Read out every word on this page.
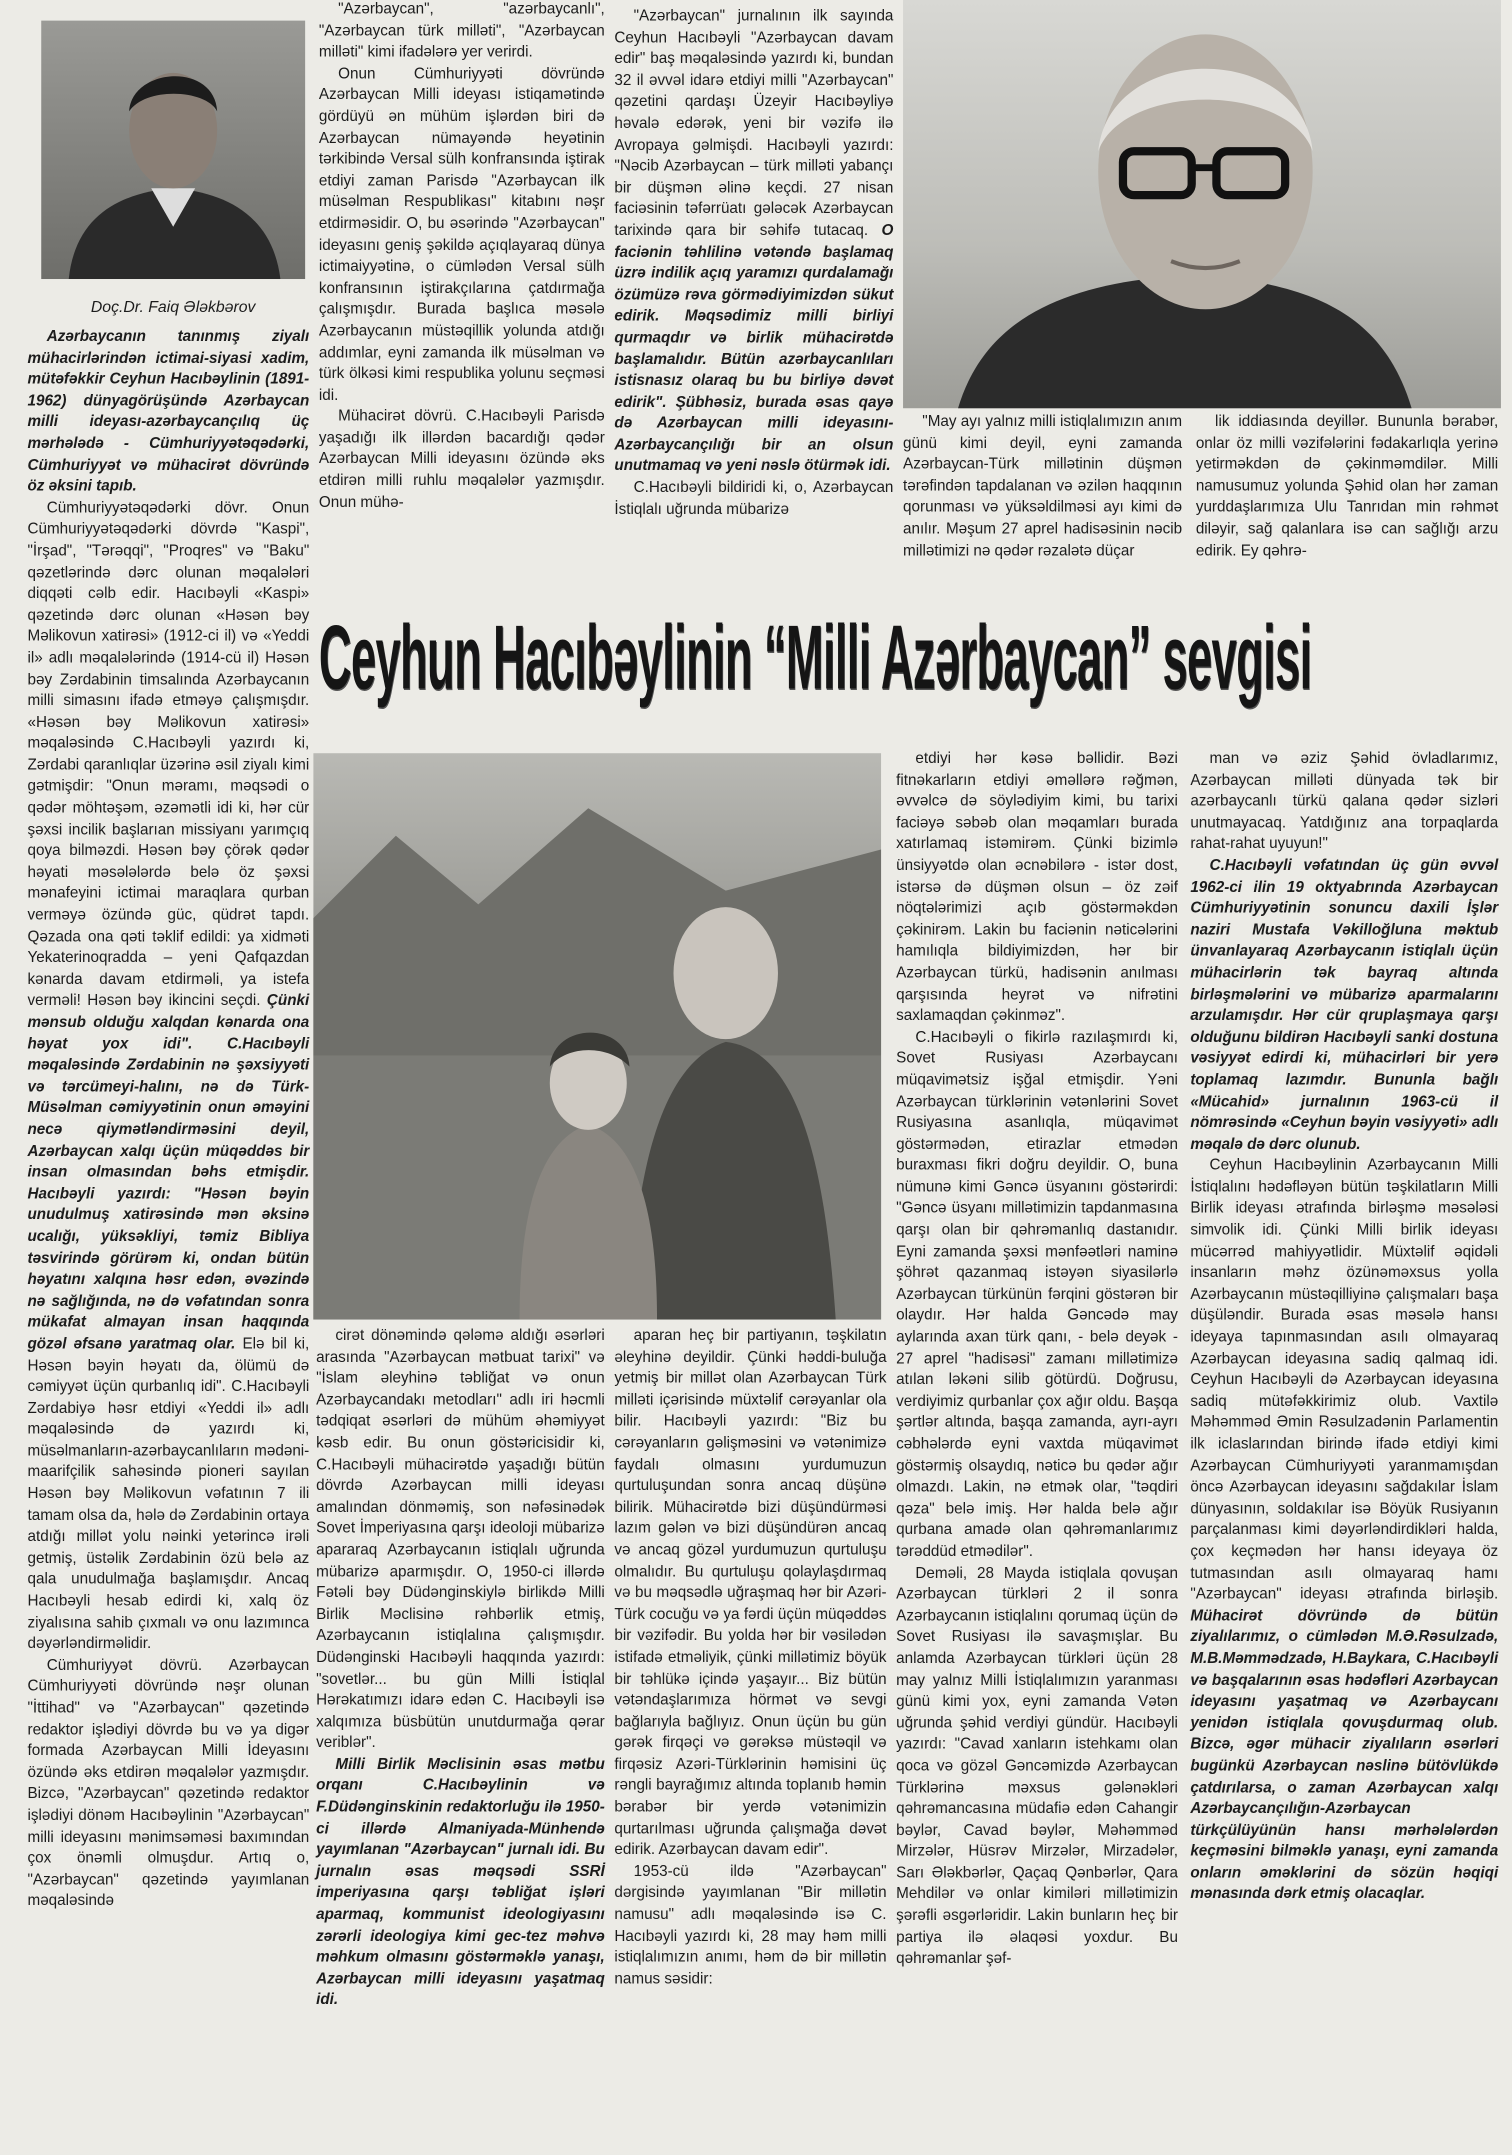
Doç.Dr. Faiq Ələkbərov
Ceyhun Hacıbəylinin “Milli Azərbaycan” sevgisi

Azərbaycanın tanınmış ziyalı mühacirlərindən ictimai-siyasi xadim, mütəfəkkir Ceyhun Hacıbəylinin (1891-1962) dünyagörüşündə Azərbaycan milli ideyası-azərbaycançılıq üç mərhələdə - Cümhuriyyətəqədərki, Cümhuriyyət və mühacirət dövründə öz əksini tapıb.

Cümhuriyyətəqədərki dövr. Onun Cümhuriyyətəqədərki dövrdə "Kaspi", "İrşad", "Tərəqqi", "Proqres" və "Baku" qəzetlərində dərc olunan məqalələri diqqəti cəlb edir. Hacıbəyli «Kaspi» qəzetində dərc olunan «Həsən bəy Məlikovun xatirəsi» (1912-ci il) və «Yeddi il» adlı məqalələrində (1914-cü il) Həsən bəy Zərdabinin timsalında Azərbaycanın milli simasını ifadə etməyə çalışmışdır. «Həsən bəy Məlikovun xatirəsi» məqaləsində C.Hacıbəyli yazırdı ki, Zərdabi qaranlıqlar üzərinə əsil ziyalı kimi gətmişdir: "Onun məramı, məqsədi o qədər möhtəşəm, əzəmətli idi ki, hər cür şəxsi incilik başlarıan missiyanı yarımçıq qoya bilməzdi. Həsən bəy çörək qədər həyati məsələlərdə belə öz şəxsi mənafeyini ictimai maraqlara qurban verməyə özündə güc, qüdrət tapdı. Qəzada ona qəti təklif edildi: ya xidməti Yekaterinoqradda – yeni Qafqazdan kənarda davam etdirməli, ya istefa verməli! Həsən bəy ikincini seçdi. Çünki mənsub olduğu xalqdan kənarda ona həyat yox idi". C.Hacıbəyli məqaləsində Zərdabinin nə şəxsiyyəti və tərcümeyi-halını, nə də Türk-Müsəlman cəmiyyətinin onun əməyini necə qiymətləndirməsini deyil, Azərbaycan xalqı üçün müqəddəs bir insan olmasından bəhs etmişdir. Hacıbəyli yazırdı: "Həsən bəyin unudulmuş xatirəsində mən əksinə ucalığı, yüksəkliyi, təmiz Bibliya təsvirində görürəm ki, ondan bütün həyatını xalqına həsr edən, əvəzində nə sağlığında, nə də vəfatından sonra mükafat almayan insan haqqında gözəl əfsanə yaratmaq olar. Elə bil ki, Həsən bəyin həyatı da, ölümü də cəmiyyət üçün qurbanlıq idi". C.Hacıbəyli Zərdabiyə həsr etdiyi «Yeddi il» adlı məqaləsində də yazırdı ki, müsəlmanların-azərbaycanlıların mədəni-maarifçilik sahəsində pioneri sayılan Həsən bəy Məlikovun vəfatının 7 ili tamam olsa da, hələ də Zərdabinin ortaya atdığı millət yolu nəinki yetərincə irəli getmiş, üstəlik Zərdabinin özü belə az qala unudulmağa başlamışdır. Ancaq Hacıbəyli hesab edirdi ki, xalq öz ziyalısına sahib çıxmalı və onu lazımınca dəyərləndirməlidir.

Cümhuriyyət dövrü. Azərbaycan Cümhuriyyəti dövründə nəşr olunan "İttihad" və "Azərbaycan" qəzetində redaktor işlədiyi dövrdə bu və ya digər formada Azərbaycan Milli İdeyasını özündə əks etdirən məqalələr yazmışdır. Bizcə, "Azərbaycan" qəzetində redaktor işlədiyi dönəm Hacıbəylinin "Azərbaycan" milli ideyasını mənimsəməsi baxımından çox önəmli olmuşdur. Artıq o, "Azərbaycan" qəzetində yayımlanan məqaləsində

"Azərbaycan", "azərbaycanlı", "Azərbaycan türk milləti", "Azərbaycan milləti" kimi ifadələrə yer verirdi.

Onun Cümhuriyyəti dövründə Azərbaycan Milli ideyası istiqamətində gördüyü ən mühüm işlərdən biri də Azərbaycan nümayəndə heyətinin tərkibində Versal sülh konfransında iştirak etdiyi zaman Parisdə "Azərbaycan ilk müsəlman Respublikası" kitabını nəşr etdirməsidir. O, bu əsərində "Azərbaycan" ideyasını geniş şəkildə açıqlayaraq dünya ictimaiyyətinə, o cümlədən Versal sülh konfransının iştirakçılarına çatdırmağa çalışmışdır. Burada başlıca məsələ Azərbaycanın müstəqillik yolunda atdığı addımlar, eyni zamanda ilk müsəlman və türk ölkəsi kimi respublika yolunu seçməsi idi.

Mühacirət dövrü. C.Hacıbəyli Parisdə yaşadığı ilk illərdən bacardığı qədər Azərbaycan Milli ideyasını özündə əks etdirən milli ruhlu məqalələr yazmışdır. Onun mühə-

"Azərbaycan" jurnalının ilk sayında Ceyhun Hacıbəyli "Azərbaycan davam edir" baş məqaləsində yazırdı ki, bundan 32 il əvvəl idarə etdiyi milli "Azərbaycan" qəzetini qardaşı Üzeyir Hacıbəyliyə həvalə edərək, yeni bir vəzifə ilə Avropaya gəlmişdi. Hacıbəyli yazırdı: "Nəcib Azərbaycan – türk milləti yabançı bir düşmən əlinə keçdi. 27 nisan faciəsinin təfərrüatı gələcək Azərbaycan tarixində qara bir səhifə tutacaq. O faciənin təhlilinə vətəndə başlamaq üzrə indilik açıq yaramızı qurdalamağı özümüzə rəva görmədiyimizdən sükut edirik. Məqsədimiz milli birliyi qurmaqdır və birlik mühacirətdə başlamalıdır. Bütün azərbaycanlıları istisnasız olaraq bu bu birliyə dəvət edirik". Şübhəsiz, burada əsas qayə də Azərbaycan milli ideyasını-Azərbaycançılığı bir an olsun unutmamaq və yeni nəslə ötürmək idi.

C.Hacıbəyli bildiridi ki, o, Azərbaycan İstiqlalı uğrunda mübarizə

"May ayı yalnız milli istiqlalımızın anım günü kimi deyil, eyni zamanda Azərbaycan-Türk millətinin düşmən tərəfindən tapdalanan və əzilən haqqının qorunması və yüksəldilməsi ayı kimi də anılır. Məşum 27 aprel hadisəsinin nəcib millətimizi nə qədər rəzalətə düçar

lik iddiasında deyillər. Bununla bərabər, onlar öz milli vəzifələrini fədakarlıqla yerinə yetirməkdən də çəkinməmdilər. Milli namusumuz yolunda Şəhid olan hər zaman yurddaşlarımıza Ulu Tanrıdan min rəhmət diləyir, sağ qalanlara isə can sağlığı arzu edirik. Ey qəhrə-

cirət dönəmində qələmə aldığı əsərləri arasında "Azərbaycan mətbuat tarixi" və "İslam əleyhinə təbliğat və onun Azərbaycandakı metodları" adlı iri həcmli tədqiqat əsərləri də mühüm əhəmiyyət kəsb edir. Bu onun göstəricisidir ki, C.Hacıbəyli mühacirətdə yaşadığı bütün dövrdə Azərbaycan milli ideyası amalından dönməmiş, son nəfəsinədək Sovet İmperiyasına qarşı ideoloji mübarizə apararaq Azərbaycanın istiqlalı uğrunda mübarizə aparmışdır. O, 1950-ci illərdə Fətəli bəy Düdənginskiylə birlikdə Milli Birlik Məclisinə rəhbərlik etmiş, Azərbaycanın istiqlalına çalışmışdır. Düdənginski Hacıbəyli haqqında yazırdı: "sovetlər... bu gün Milli İstiqlal Hərəkatımızı idarə edən C. Hacıbəyli isə xalqımıza büsbütün unutdurmağa qərar veriblər".

Milli Birlik Məclisinin əsas mətbu orqanı C.Hacıbəylinin və F.Düdənginskinin redaktorluğu ilə 1950-ci illərdə Almaniyada-Münhendə yayımlanan "Azərbaycan" jurnalı idi. Bu jurnalın əsas məqsədi SSRİ imperiyasına qarşı təbliğat işləri aparmaq, kommunist ideologiyasını zərərli ideologiya kimi gec-tez məhvə məhkum olmasını göstərməklə yanaşı, Azərbaycan milli ideyasını yaşatmaq idi.

aparan heç bir partiyanın, təşkilatın əleyhinə deyildir. Çünki həddi-buluğa yetmiş bir millət olan Azərbaycan Türk milləti içərisində müxtəlif cərəyanlar ola bilir. Hacıbəyli yazırdı: "Biz bu cərəyanların gəlişməsini və vətənimizə faydalı olmasını yurdumuzun qurtuluşundan sonra ancaq düşünə bilirik. Mühacirətdə bizi düşündürməsi lazım gələn və bizi düşündürən ancaq və ancaq gözəl yurdumuzun qurtuluşu olmalıdır. Bu qurtuluşu qolaylaşdırmaq və bu məqsədlə uğraşmaq hər bir Azəri-Türk cocuğu və ya fərdi üçün müqəddəs bir vəzifədir. Bu yolda hər bir vəsilədən istifadə etməliyik, çünki millətimiz böyük bir təhlükə içində yaşayır... Biz bütün vətəndaşlarımıza hörmət və sevgi bağlarıyla bağlıyız. Onun üçün bu gün gərək firqəçi və gərəksə müstəqil və firqəsiz Azəri-Türklərinin həmisini üç rəngli bayrağımız altında toplanıb həmin bərabər bir yerdə vətənimizin qurtarılması uğrunda çalışmağa dəvət edirik. Azərbaycan davam edir".

1953-cü ildə "Azərbaycan" dərgisində yayımlanan "Bir millətin namusu" adlı məqaləsində isə C. Hacıbəyli yazırdı ki, 28 may həm milli istiqlalımızın anımı, həm də bir millətin namus səsidir:

etdiyi hər kəsə bəllidir. Bəzi fitnəkarların etdiyi əməllərə rəğmən, əvvəlcə də söylədiyim kimi, bu tarixi faciəyə səbəb olan məqamları burada xatırlamaq istəmirəm. Çünki bizimlə ünsiyyətdə olan əcnəbilərə - istər dost, istərsə də düşmən olsun – öz zəif nöqtələrimizi açıb göstərməkdən çəkinirəm. Lakin bu faciənin nəticələrini hamılıqla bildiyimizdən, hər bir Azərbaycan türkü, hadisənin anılması qarşısında heyrət və nifrətini saxlamaqdan çəkinməz".

C.Hacıbəyli o fikirlə razılaşmırdı ki, Sovet Rusiyası Azərbaycanı müqavimətsiz işğal etmişdir. Yəni Azərbaycan türklərinin vətənlərini Sovet Rusiyasına asanlıqla, müqavimət göstərmədən, etirazlar etmədən buraxması fikri doğru deyildir. O, buna nümunə kimi Gəncə üsyanını göstərirdi: "Gəncə üsyanı millətimizin tapdanmasına qarşı olan bir qəhrəmanlıq dastanıdır. Eyni zamanda şəxsi mənfəətləri naminə şöhrət qazanmaq istəyən siyasilərlə Azərbaycan türkünün fərqini göstərən bir olaydır. Hər halda Gəncədə may aylarında axan türk qanı, - belə deyək - 27 aprel "hadisəsi" zamanı millətimizə atılan ləkəni silib götürdü. Doğrusu, verdiyimiz qurbanlar çox ağır oldu. Başqa şərtlər altında, başqa zamanda, ayrı-ayrı cəbhələrdə eyni vaxtda müqavimət göstərmiş olsaydıq, nəticə bu qədər ağır olmazdı. Lakin, nə etmək olar, "təqdiri qəza" belə imiş. Hər halda belə ağır qurbana amadə olan qəhrəmanlarımız tərəddüd etmədilər".

Deməli, 28 Mayda istiqlala qovuşan Azərbaycan türkləri 2 il sonra Azərbaycanın istiqlalını qorumaq üçün də Sovet Rusiyası ilə savaşmışlar. Bu anlamda Azərbaycan türkləri üçün 28 may yalnız Milli İstiqlalımızın yaranması günü kimi yox, eyni zamanda Vətən uğrunda şəhid verdiyi gündür. Hacıbəyli yazırdı: "Cavad xanların istehkamı olan qoca və gözəl Gəncəmizdə Azərbaycan Türklərinə məxsus gələnəkləri qəhrəmancasına müdafiə edən Cahangir bəylər, Cavad bəylər, Məhəmməd Mirzələr, Hüsrəv Mirzələr, Mirzadələr, Sarı Ələkbərlər, Qaçaq Qənbərlər, Qara Mehdilər və onlar kimiləri millətimizin şərəfli əsgərləridir. Lakin bunların heç bir partiya ilə əlaqəsi yoxdur. Bu qəhrəmanlar şəf-

man və əziz Şəhid övladlarımız, Azərbaycan milləti dünyada tək bir azərbaycanlı türkü qalana qədər sizləri unutmayacaq. Yatdığınız ana torpaqlarda rahat-rahat uyuyun!"

C.Hacıbəyli vəfatından üç gün əvvəl 1962-ci ilin 19 oktyabrında Azərbaycan Cümhuriyyətinin sonuncu daxili İşlər naziri Mustafa Vəkilloğluna məktub ünvanlayaraq Azərbaycanın istiqlalı üçün mühacirlərin tək bayraq altında birləşmələrini və mübarizə aparmalarını arzulamışdır. Hər cür qruplaşmaya qarşı olduğunu bildirən Hacıbəyli sanki dostuna vəsiyyət edirdi ki, mühacirləri bir yerə toplamaq lazımdır. Bununla bağlı «Mücahid» jurnalının 1963-cü il nömrəsində «Ceyhun bəyin vəsiyyəti» adlı məqalə də dərc olunub.

Ceyhun Hacıbəylinin Azərbaycanın Milli İstiqlalını hədəfləyən bütün təşkilatların Milli Birlik ideyası ətrafında birləşmə məsələsi simvolik idi. Çünki Milli birlik ideyası mücərrəd mahiyyətlidir. Müxtəlif əqidəli insanların məhz özünəməxsus yolla Azərbaycanın müstəqilliyinə çalışmaları başa düşüləndir. Burada əsas məsələ hansı ideyaya tapınmasından asılı olmayaraq Azərbaycan ideyasına sadiq qalmaq idi. Ceyhun Hacıbəyli də Azərbaycan ideyasına sadiq mütəfəkkirimiz olub. Vaxtilə Məhəmməd Əmin Rəsulzadənin Parlamentin ilk iclaslarından birində ifadə etdiyi kimi Azərbaycan Cümhuriyyəti yaranmamışdan öncə Azərbaycan ideyasını sağdakılar İslam dünyasının, soldakılar isə Böyük Rusiyanın parçalanması kimi dəyərləndirdikləri halda, çox keçmədən hər hansı ideyaya öz tutmasından asılı olmayaraq hamı "Azərbaycan" ideyası ətrafında birləşib. Mühacirət dövründə də bütün ziyalılarımız, o cümlədən M.Ə.Rəsulzadə, M.B.Məmmədzadə, H.Baykara, C.Hacıbəyli və başqalarının əsas hədəfləri Azərbaycan ideyasını yaşatmaq və Azərbaycanı yenidən istiqlala qovuşdurmaq olub. Bizcə, əgər mühacir ziyalıların əsərləri bugünkü Azərbaycan nəslinə bütövlükdə çatdırılarsa, o zaman Azərbaycan xalqı Azərbaycançılığın-Azərbaycan türkçülüyünün hansı mərhələlərdən keçməsini bilməklə yanaşı, eyni zamanda onların əməklərini də sözün həqiqi mənasında dərk etmiş olacaqlar.
